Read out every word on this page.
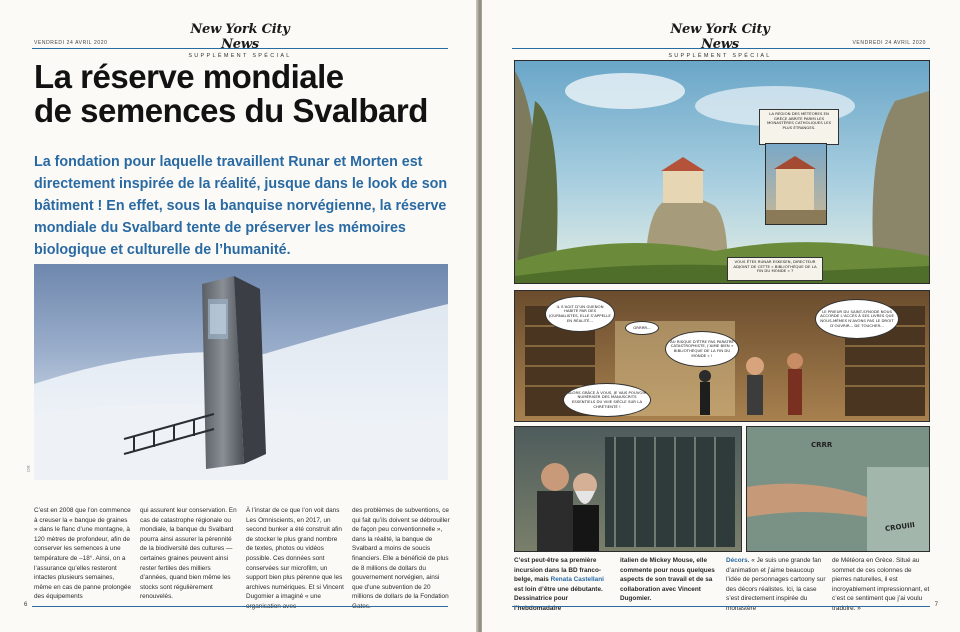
New York City News
SUPPLÉMENT SPÉCIAL
VENDREDI 24 AVRIL 2020
La réserve mondiale
de semences du Svalbard
La fondation pour laquelle travaillent Runar et Morten est directement inspirée de la réalité, jusque dans le look de son bâtiment ! En effet, sous la banquise norvégienne, la réserve mondiale du Svalbard tente de préserver les mémoires biologique et culturelle de l’humanité.
DR
C’est en 2008 que l’on commence à creuser la « banque de graines » dans le flanc d’une montagne, à 120 mètres de profondeur, afin de conserver les semences à une température de –18°. Ainsi, on a l’assurance qu’elles resteront intactes plusieurs semaines, même en cas de panne prolongée des équipements
qui assurent leur conservation. En cas de catastrophe régionale ou mondiale, la banque du Svalbard pourra ainsi assurer la pérennité de la biodiversité des cultures — certaines graines peuvent ainsi rester fertiles des milliers d’années, quand bien même les stocks sont régulièrement renouvelés.
À l’instar de ce que l’on voit dans Les Omniscients, en 2017, un second bunker a été construit afin de stocker le plus grand nombre de textes, photos ou vidéos possible. Ces données sont conservées sur microfilm, un support bien plus pérenne que les archives numériques. Et si Vincent Dugomier a imaginé « une organisation avec
des problèmes de subventions, ce qui fait qu’ils doivent se débrouiller de façon peu conventionnelle », dans la réalité, la banque de Svalbard a moins de soucis financiers. Elle a bénéficié de plus de 8 millions de dollars du gouvernement norvégien, ainsi que d’une subvention de 20 millions de dollars de la Fondation Gates.
6
New York City News
SUPPLÉMENT SPÉCIAL
VENDREDI 24 AVRIL 2020
LA RÉGION DES MÉTÉORES EN GRÈCE ABRITE PARMI LES MONASTÈRES CATHOLIQUES LES PLUS ÉTRANGES.
VOUS ÊTES RUNAR ESKESEN, DIRECTEUR ADJOINT DE CETTE « BIBLIOTHÈQUE DE LA FIN DU MONDE » ?
IL S’AGIT D’UN GUENON HABITÉ PAR DES JOURNALISTES, ELLE S’APPELLE EN RÉALITÉ...
GRRRR...
AU RISQUE D’ÊTRE PAS PARATRE CATASTROPHISTE, J’AIME BIEN « BIBLIOTHÈQUE DE LA FIN DU MONDE » !
LE PRIEUR DU SAINT-SYNODE NOUS ACCORDE L’ACCÈS À SES LIVRES QUE NOUS-MÊMES N’AVONS PAS LE DROIT D’OUVRIR... DE TOUCHER...
ALORS GRÂCE À VOUS, JE VAIS POUVOIR NUMÉRISER DES MANUSCRITS ESSENTIELS DU VIIIE SIÈCLE SUR LA CHRÉTIENTÉ !
CRRR
CROUIII
C’est peut-être sa première incursion dans la BD franco-belge, mais Renata Castellani est loin d’être une débutante. Dessinatrice pour l’hebdomadaire
italien de Mickey Mouse, elle commente pour nous quelques aspects de son travail et de sa collaboration avec Vincent Dugomier.
Décors. « Je suis une grande fan d’animation et j’aime beaucoup l’idée de personnages cartoony sur des décors réalistes. Ici, la case s’est directement inspirée du monastère
de Météora en Grèce. Situé au sommet de ces colonnes de pierres naturelles, il est incroyablement impressionnant, et c’est ce sentiment que j’ai voulu traduire. »	7
